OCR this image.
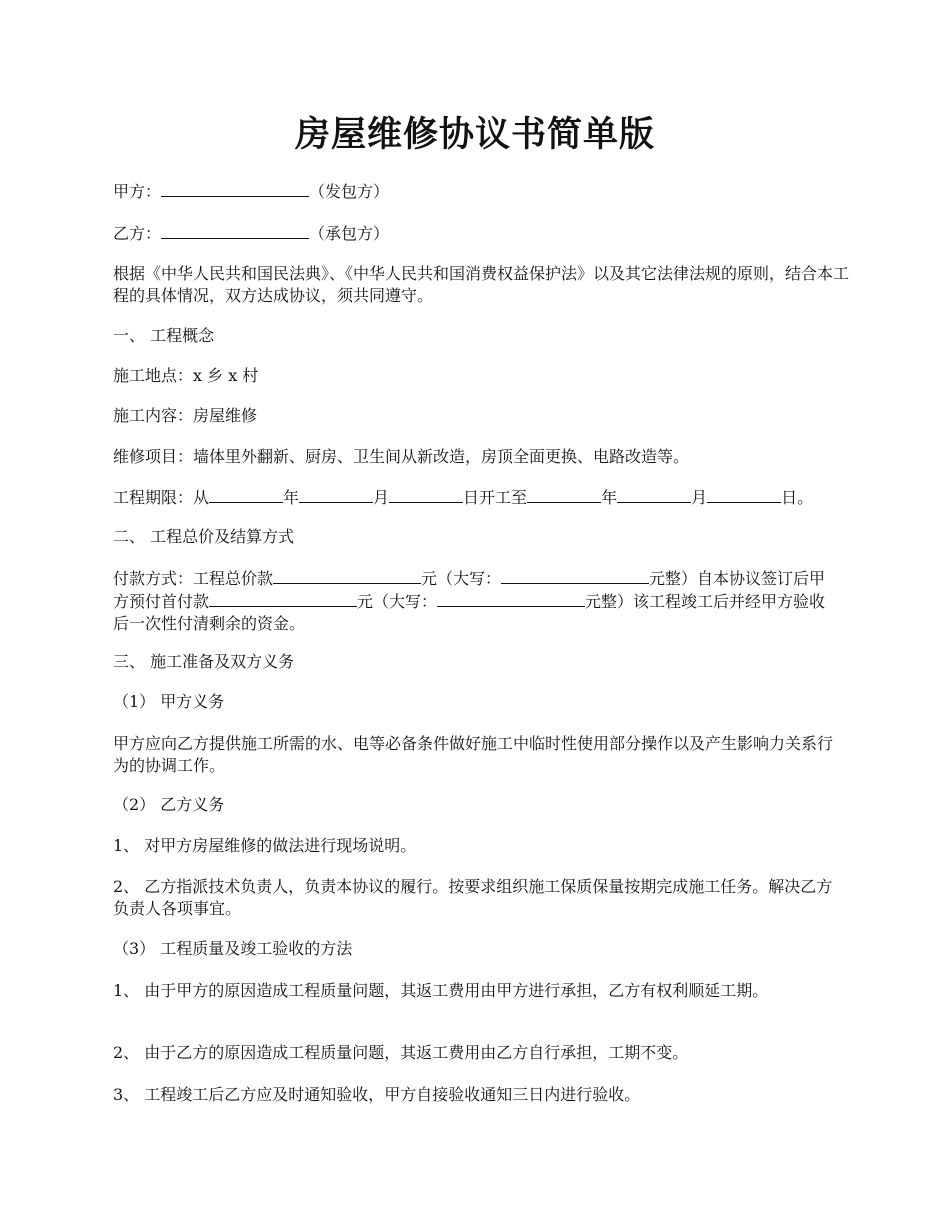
房屋维修协议书简单版

甲方：	（发包方）

乙方：	（承包方）

根据《中华人民共和国民法典》、《中华人民共和国消费权益保护法》以及其它法律法规的原则，结合本工程的具体情况，双方达成协议，须共同遵守。

一、 工程概念

施工地点：x 乡 x 村

施工内容：房屋维修

维修项目：墙体里外翻新、厨房、卫生间从新改造，房顶全面更换、电路改造等。

工程期限：从	年	月	日开工至	年	月	日。

二、 工程总价及结算方式

付款方式：工程总价款	元（大写：	元整）自本协议签订后甲方预付首付款	元（大写：	元整）该工程竣工后并经甲方验收后一次性付清剩余的资金。

三、 施工准备及双方义务

（1） 甲方义务

甲方应向乙方提供施工所需的水、电等必备条件做好施工中临时性使用部分操作以及产生影响力关系行为的协调工作。

（2） 乙方义务

1、 对甲方房屋维修的做法进行现场说明。

2、 乙方指派技术负责人，负责本协议的履行。按要求组织施工保质保量按期完成施工任务。解决乙方负责人各项事宜。

（3） 工程质量及竣工验收的方法

1、 由于甲方的原因造成工程质量问题，其返工费用由甲方进行承担，乙方有权利顺延工期。

2、 由于乙方的原因造成工程质量问题，其返工费用由乙方自行承担，工期不变。

3、 工程竣工后乙方应及时通知验收，甲方自接验收通知三日内进行验收。
